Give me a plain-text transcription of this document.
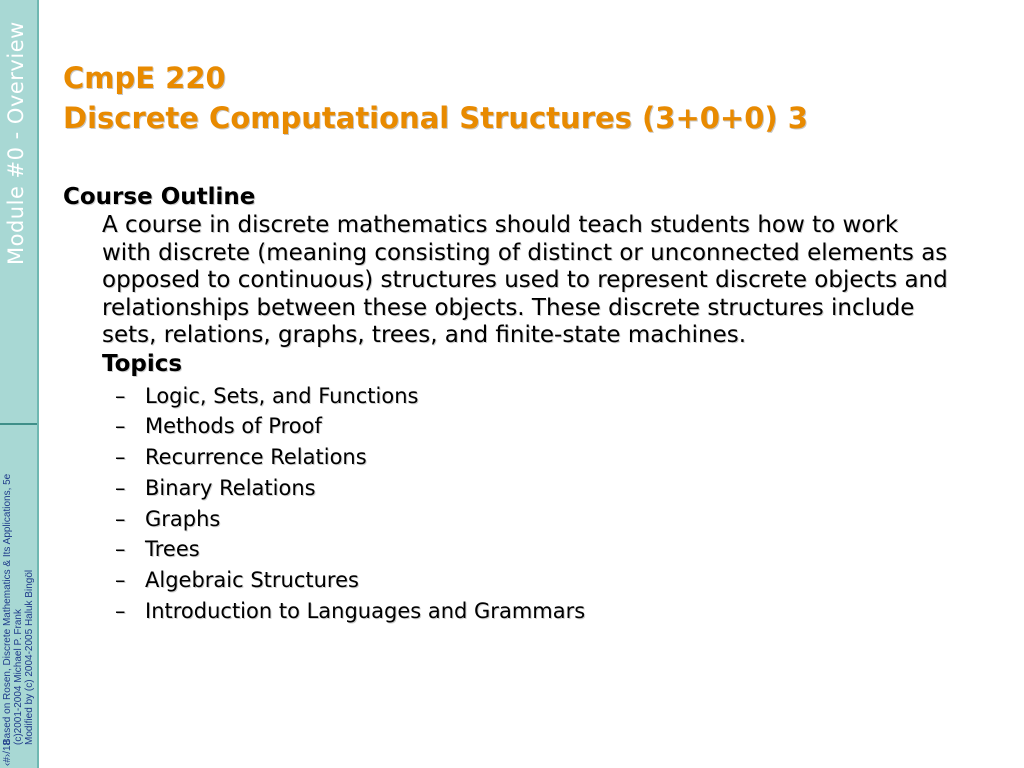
Module #0 - Overview
Based on Rosen, Discrete Mathematics & Its Applications, 5e (c)2001-2004 Michael P. Frank Modified by (c) 2004-2005 Haluk Bingöl
‹#›/18
CmpE 220
Discrete Computational Structures (3+0+0) 3
Course Outline
A course in discrete mathematics should teach students how to work with discrete (meaning consisting of distinct or unconnected elements as opposed to continuous) structures used to represent discrete objects and relationships between these objects. These discrete structures include sets, relations, graphs, trees, and finite-state machines.
Topics
– Logic, Sets, and Functions
– Methods of Proof
– Recurrence Relations
– Binary Relations
– Graphs
– Trees
– Algebraic Structures
– Introduction to Languages and Grammars
